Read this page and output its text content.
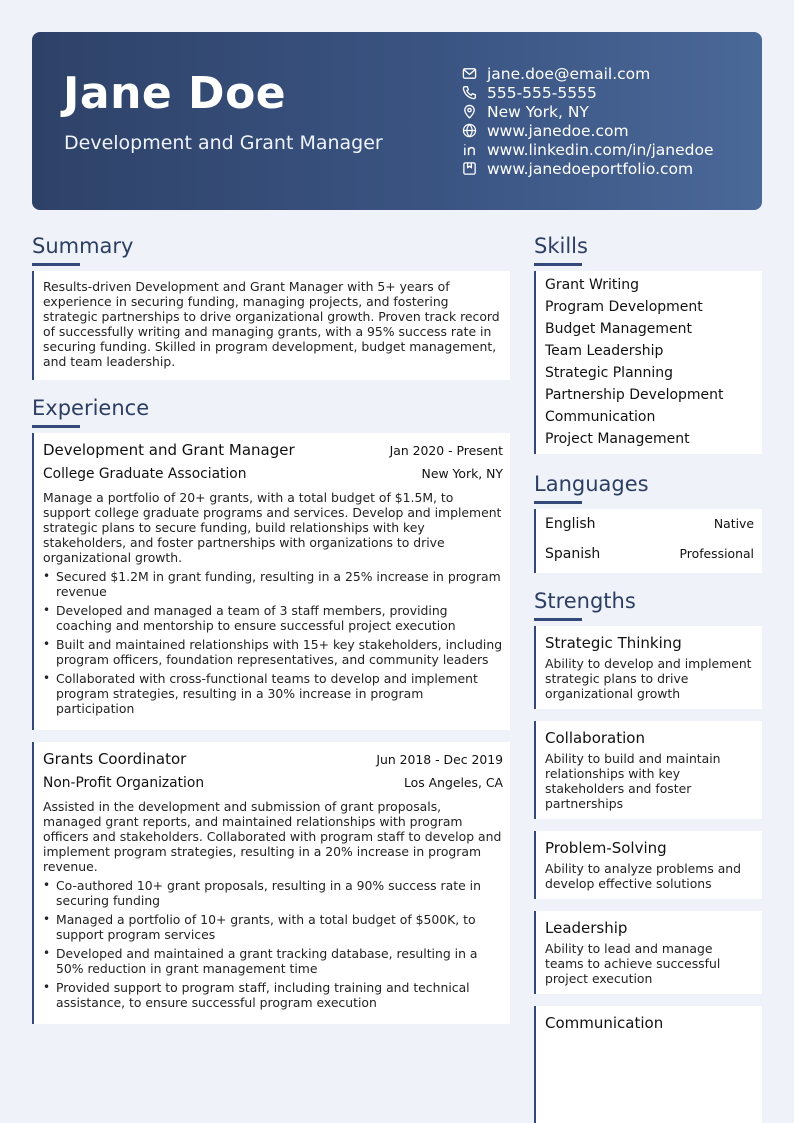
Jane Doe
Development and Grant Manager
jane.doe@email.com
555-555-5555
New York, NY
www.janedoe.com
www.linkedin.com/in/janedoe
www.janedoeportfolio.com
Summary
Results-driven Development and Grant Manager with 5+ years of experience in securing funding, managing projects, and fostering strategic partnerships to drive organizational growth. Proven track record of successfully writing and managing grants, with a 95% success rate in securing funding. Skilled in program development, budget management, and team leadership.
Experience
Development and Grant Manager	Jan 2020 - Present
College Graduate Association	New York, NY
Manage a portfolio of 20+ grants, with a total budget of $1.5M, to support college graduate programs and services. Develop and implement strategic plans to secure funding, build relationships with key stakeholders, and foster partnerships with organizations to drive organizational growth.
• Secured $1.2M in grant funding, resulting in a 25% increase in program revenue
• Developed and managed a team of 3 staff members, providing coaching and mentorship to ensure successful project execution
• Built and maintained relationships with 15+ key stakeholders, including program officers, foundation representatives, and community leaders
• Collaborated with cross-functional teams to develop and implement program strategies, resulting in a 30% increase in program participation
Grants Coordinator	Jun 2018 - Dec 2019
Non-Profit Organization	Los Angeles, CA
Assisted in the development and submission of grant proposals, managed grant reports, and maintained relationships with program officers and stakeholders. Collaborated with program staff to develop and implement program strategies, resulting in a 20% increase in program revenue.
• Co-authored 10+ grant proposals, resulting in a 90% success rate in securing funding
• Managed a portfolio of 10+ grants, with a total budget of $500K, to support program services
• Developed and maintained a grant tracking database, resulting in a 50% reduction in grant management time
• Provided support to program staff, including training and technical assistance, to ensure successful program execution
Skills
Grant Writing
Program Development
Budget Management
Team Leadership
Strategic Planning
Partnership Development
Communication
Project Management
Languages
English	Native
Spanish	Professional
Strengths
Strategic Thinking
Ability to develop and implement strategic plans to drive organizational growth
Collaboration
Ability to build and maintain relationships with key stakeholders and foster partnerships
Problem-Solving
Ability to analyze problems and develop effective solutions
Leadership
Ability to lead and manage teams to achieve successful project execution
Communication
